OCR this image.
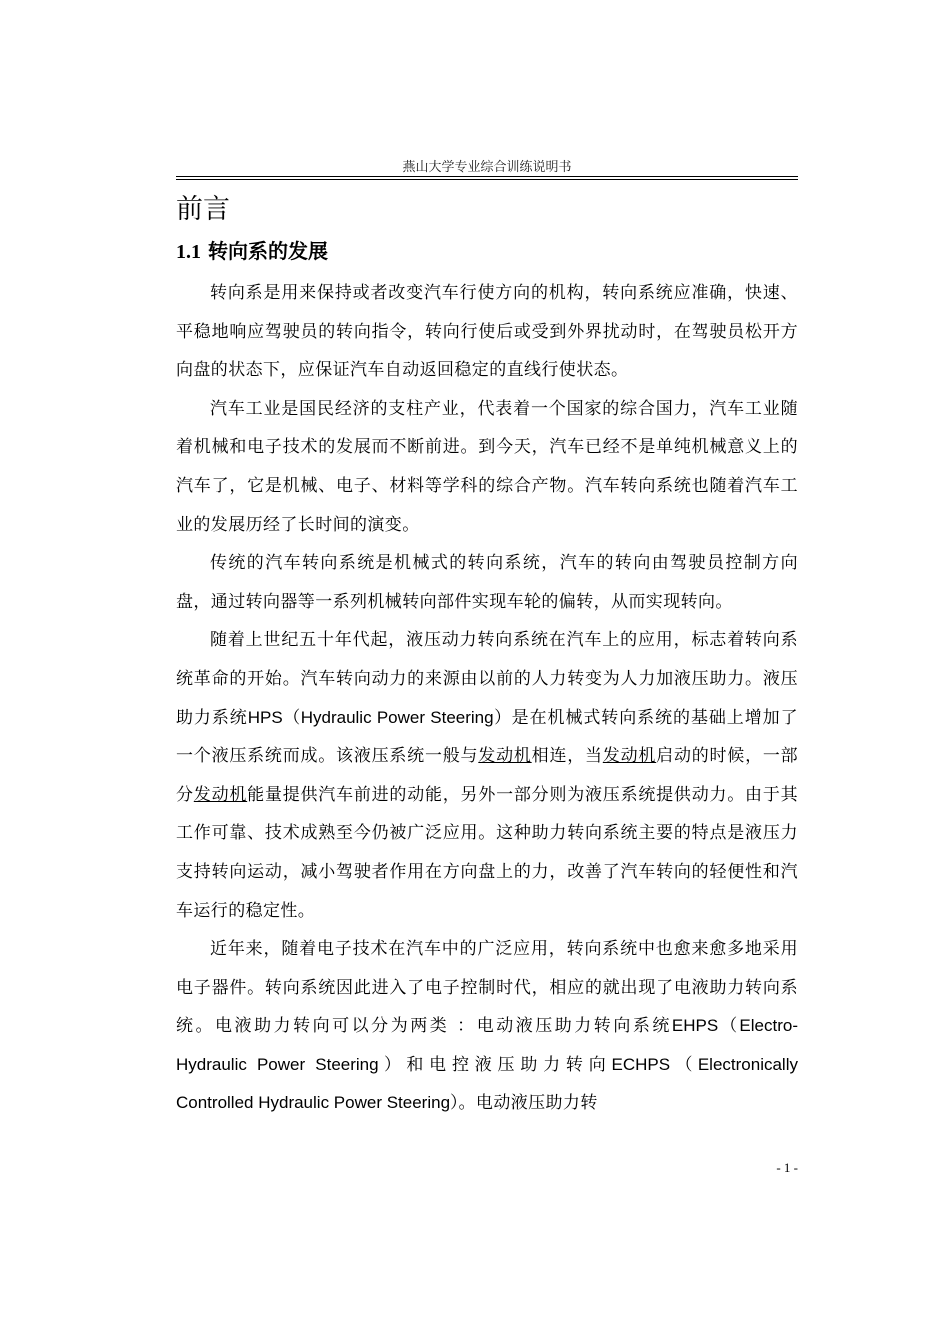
燕山大学专业综合训练说明书
前言
1.1 转向系的发展

转向系是用来保持或者改变汽车行使方向的机构，转向系统应准确，快速、平稳地响应驾驶员的转向指令，转向行使后或受到外界扰动时，在驾驶员松开方向盘的状态下，应保证汽车自动返回稳定的直线行使状态。

汽车工业是国民经济的支柱产业，代表着一个国家的综合国力，汽车工业随着机械和电子技术的发展而不断前进。到今天，汽车已经不是单纯机械意义上的汽车了，它是机械、电子、材料等学科的综合产物。汽车转向系统也随着汽车工业的发展历经了长时间的演变。

传统的汽车转向系统是机械式的转向系统，汽车的转向由驾驶员控制方向盘，通过转向器等一系列机械转向部件实现车轮的偏转，从而实现转向。

随着上世纪五十年代起，液压动力转向系统在汽车上的应用，标志着转向系统革命的开始。汽车转向动力的来源由以前的人力转变为人力加液压助力。液压助力系统HPS（Hydraulic Power Steering）是在机械式转向系统的基础上增加了一个液压系统而成。该液压系统一般与发动机相连，当发动机启动的时候，一部分发动机能量提供汽车前进的动能，另外一部分则为液压系统提供动力。由于其工作可靠、技术成熟至今仍被广泛应用。这种助力转向系统主要的特点是液压力支持转向运动，减小驾驶者作用在方向盘上的力，改善了汽车转向的轻便性和汽车运行的稳定性。

近年来，随着电子技术在汽车中的广泛应用，转向系统中也愈来愈多地采用电子器件。转向系统因此进入了电子控制时代，相应的就出现了电液助力转向系统。电液助力转向可以分为两类 ：电动液压助力转向系统EHPS（Electro-Hydraulic Power Steering）和电控液压助力转向ECHPS（Electronically Controlled Hydraulic Power Steering）。电动液压助力转

- 1 -
